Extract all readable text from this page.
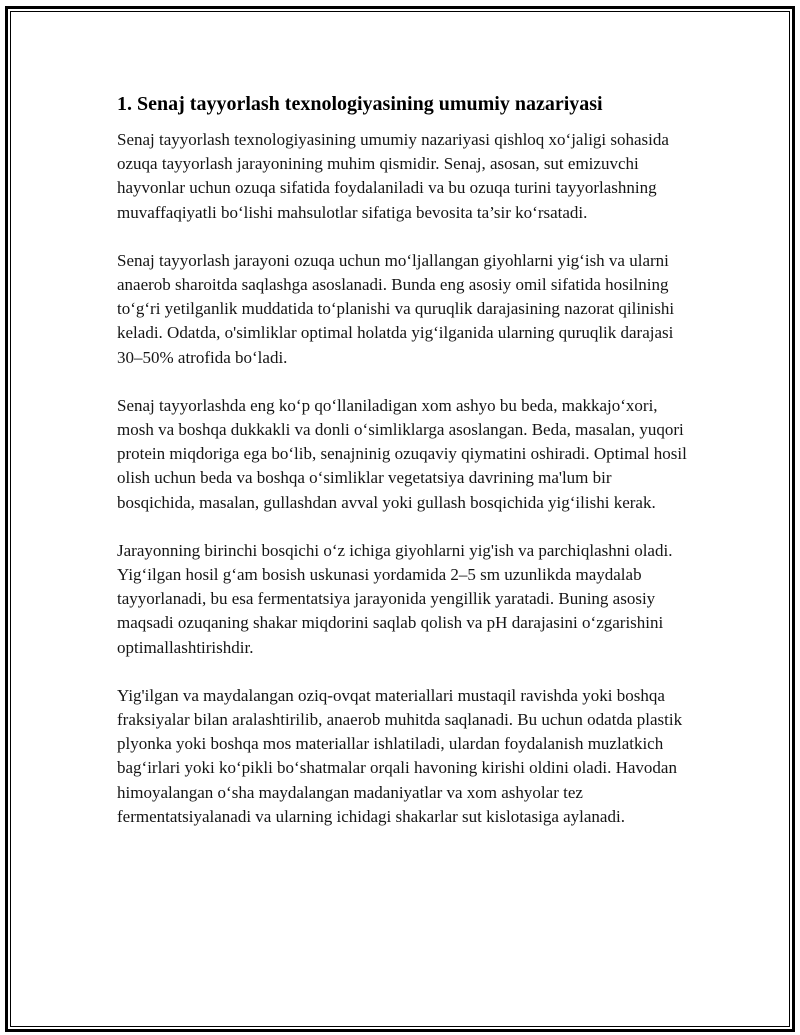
1. Senaj tayyorlash texnologiyasining umumiy nazariyasi

Senaj tayyorlash texnologiyasining umumiy nazariyasi qishloq xo‘jaligi sohasida ozuqa tayyorlash jarayonining muhim qismidir. Senaj, asosan, sut emizuvchi hayvonlar uchun ozuqa sifatida foydalaniladi va bu ozuqa turini tayyorlashning muvaffaqiyatli bo‘lishi mahsulotlar sifatiga bevosita ta’sir ko‘rsatadi.

Senaj tayyorlash jarayoni ozuqa uchun mo‘ljallangan giyohlarni yig‘ish va ularni anaerob sharoitda saqlashga asoslanadi. Bunda eng asosiy omil sifatida hosilning to‘g‘ri yetilganlik muddatida to‘planishi va quruqlik darajasining nazorat qilinishi keladi. Odatda, o'simliklar optimal holatda yig‘ilganida ularning quruqlik darajasi 30–50% atrofida bo‘ladi.

Senaj tayyorlashda eng ko‘p qo‘llaniladigan xom ashyo bu beda, makkajo‘xori, mosh va boshqa dukkakli va donli o‘simliklarga asoslangan. Beda, masalan, yuqori protein miqdoriga ega bo‘lib, senajninig ozuqaviy qiymatini oshiradi. Optimal hosil olish uchun beda va boshqa o‘simliklar vegetatsiya davrining ma'lum bir bosqichida, masalan, gullashdan avval yoki gullash bosqichida yig‘ilishi kerak.

Jarayonning birinchi bosqichi o‘z ichiga giyohlarni yig'ish va parchiqlashni oladi. Yig‘ilgan hosil g‘am bosish uskunasi yordamida 2–5 sm uzunlikda maydalab tayyorlanadi, bu esa fermentatsiya jarayonida yengillik yaratadi. Buning asosiy maqsadi ozuqaning shakar miqdorini saqlab qolish va pH darajasini o‘zgarishini optimallashtirishdir.

Yig'ilgan va maydalangan oziq-ovqat materiallari mustaqil ravishda yoki boshqa fraksiyalar bilan aralashtirilib, anaerob muhitda saqlanadi. Bu uchun odatda plastik plyonka yoki boshqa mos materiallar ishlatiladi, ulardan foydalanish muzlatkich bag‘irlari yoki ko‘pikli bo‘shatmalar orqali havoning kirishi oldini oladi. Havodan himoyalangan o‘sha maydalangan madaniyatlar va xom ashyolar tez fermentatsiyalanadi va ularning ichidagi shakarlar sut kislotasiga aylanadi.
